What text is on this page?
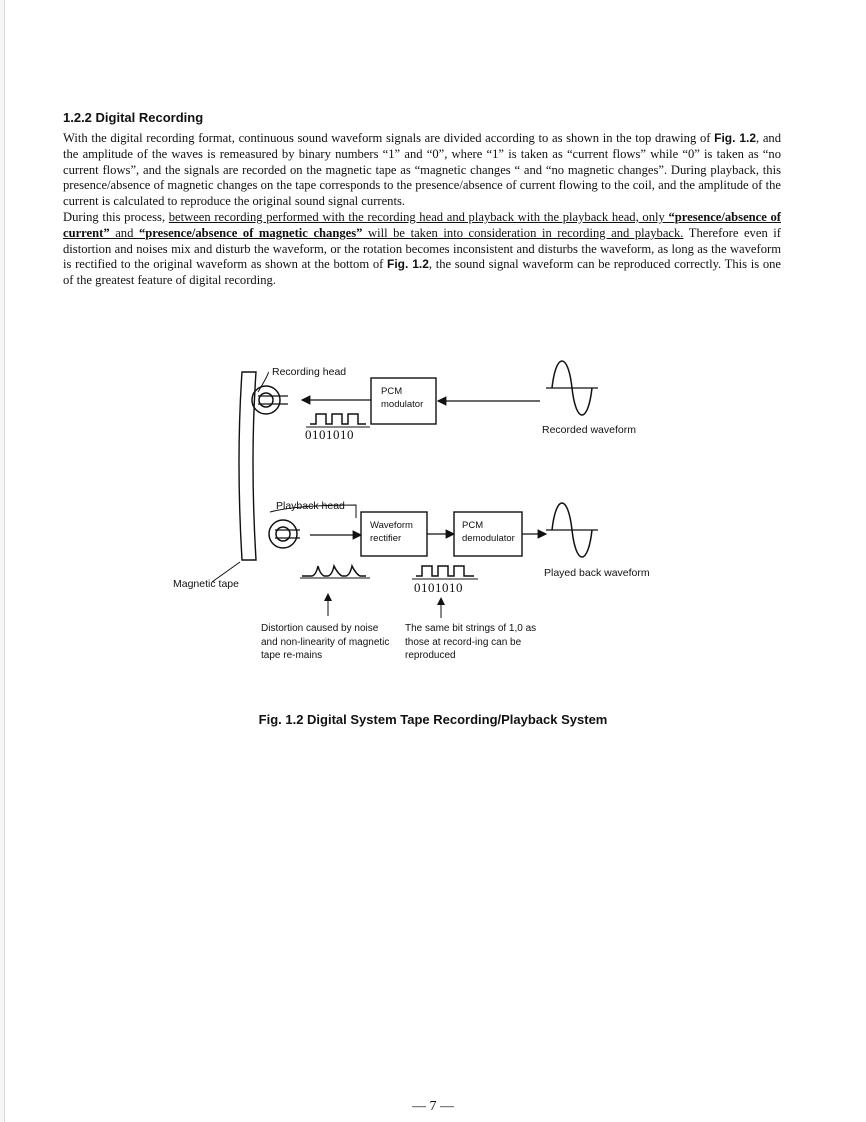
1.2.2 Digital Recording

With the digital recording format, continuous sound waveform signals are divided according to as shown in the top drawing of Fig. 1.2, and the amplitude of the waves is remeasured by binary numbers “1” and “0”, where “1” is taken as “current flows” while “0” is taken as “no current flows”, and the signals are recorded on the magnetic tape as “magnetic changes “ and “no magnetic changes”. During playback, this presence/absence of magnetic changes on the tape corresponds to the presence/absence of current flowing to the coil, and the amplitude of the current is calculated to reproduce the original sound signal currents.

During this process, between recording performed with the recording head and playback with the playback head, only “presence/absence of current” and “presence/absence of magnetic changes” will be taken into consideration in recording and playback. Therefore even if distortion and noises mix and disturb the waveform, or the rotation becomes inconsistent and disturbs the waveform, as long as the waveform is rectified to the original waveform as shown at the bottom of Fig. 1.2, the sound signal waveform can be reproduced correctly. This is one of the greatest feature of digital recording.

Recording head
PCM
modulator
0101010	Recorded waveform
Playback head
Waveform
rectifier
PCM
demodulator
Magnetic tape	0101010
Played back waveform
Distortion caused by noise and non-linearity of magnetic tape re-mains
The same bit strings of 1,0 as those at record-ing can be reproduced
Fig. 1.2 Digital System Tape Recording/Playback System
— 7 —
